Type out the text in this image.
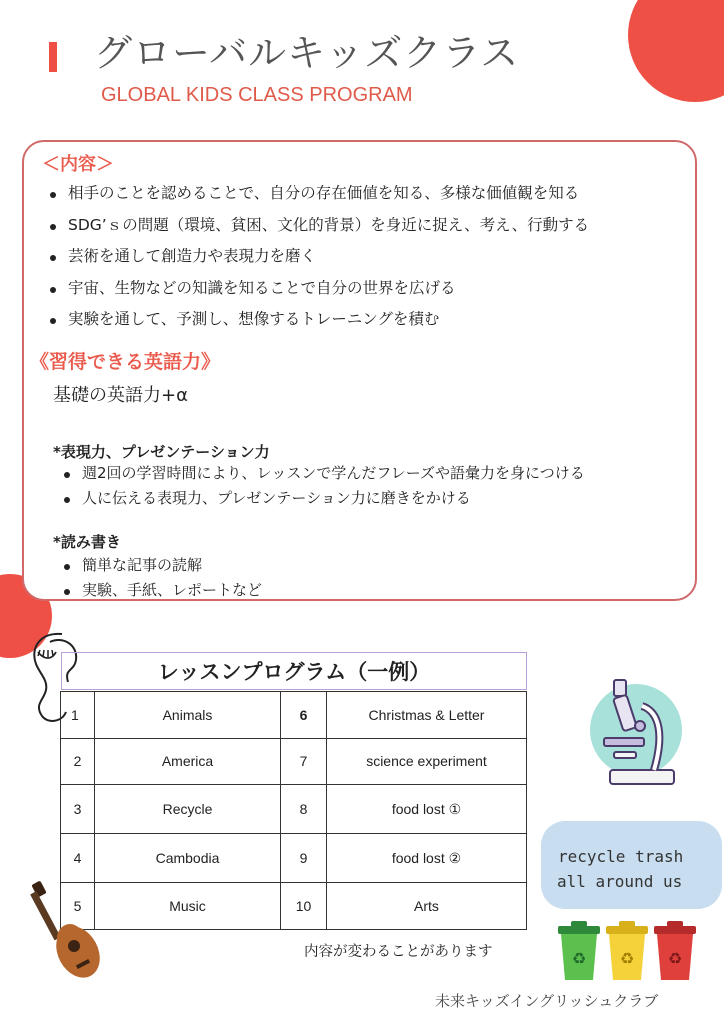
グローバルキッズクラス
GLOBAL KIDS CLASS PROGRAM
＜内容＞
相手のことを認めることで、自分の存在価値を知る、多様な価値観を知る
SDG’ｓの問題（環境、貧困、文化的背景）を身近に捉え、考え、行動する
芸術を通して創造力や表現力を磨く
宇宙、生物などの知識を知ることで自分の世界を広げる
実験を通して、予測し、想像するトレーニングを積む
《習得できる英語力》
基礎の英語力+α
*表現力、プレゼンテーション力
週2回の学習時間により、レッスンで学んだフレーズや語彙力を身につける
人に伝える表現力、プレゼンテーション力に磨きをかける
*読み書き
簡単な記事の読解
実験、手紙、レポートなど
レッスンプログラム（一例）
1	Animals	6	Christmas & Letter
2	America	7	science experiment
3	Recycle	8	food lost ①
4	Cambodia	9	food lost ②
5	Music	10	Arts
内容が変わることがあります
recycle trash
all around us
♻ ♻ ♻
未来キッズイングリッシュクラブ
